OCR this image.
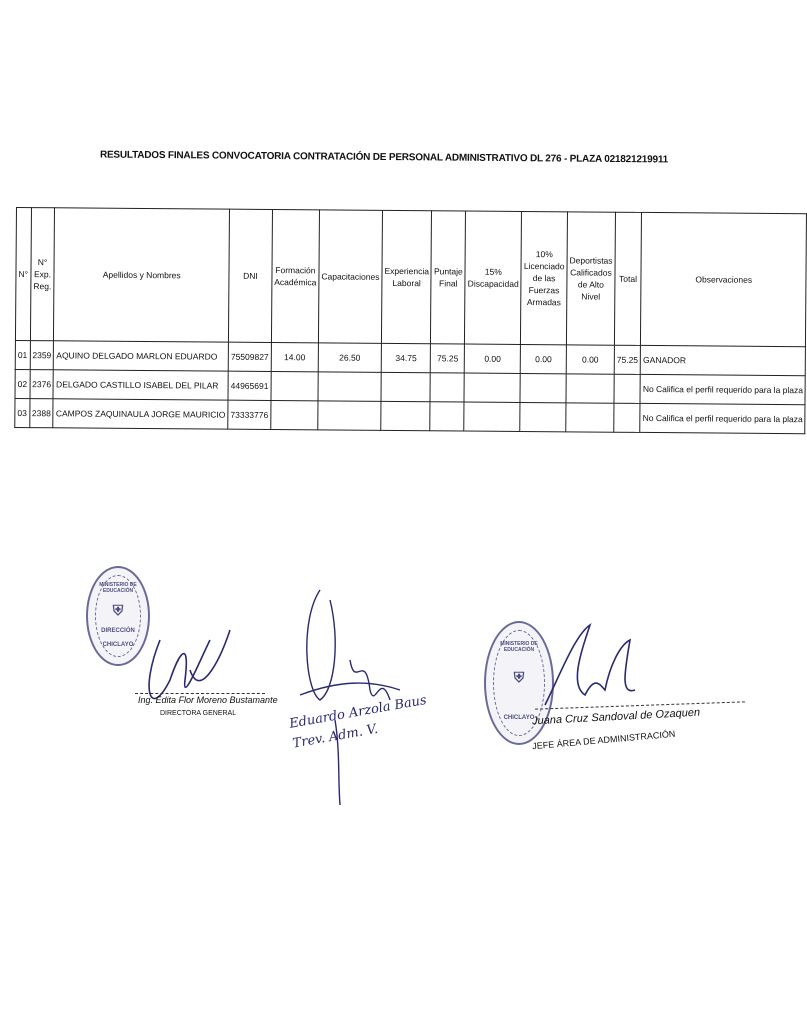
RESULTADOS FINALES CONVOCATORIA CONTRATACIÓN DE PERSONAL ADMINISTRATIVO DL 276 - PLAZA 021821219911
N°	N° Exp. Reg.	Apellidos y Nombres	DNI	Formación Académica	Capacitaciones	Experiencia Laboral	Puntaje Final	15% Discapacidad	10% Licenciado de las Fuerzas Armadas	Deportistas Calificados de Alto Nivel	Total	Observaciones
01	2359	AQUINO DELGADO MARLON EDUARDO	75509827	14.00	26.50	34.75	75.25	0.00	0.00	0.00	75.25	GANADOR
02	2376	DELGADO CASTILLO ISABEL DEL PILAR	44965691									No Califica el perfil requerido para la plaza
03	2388	CAMPOS ZAQUINAULA JORGE MAURICIO	73333776									No Califica el perfil requerido para la plaza
MINISTERIO DE EDUCACIÓN
⛨
DIRECCIÓN
CHICLAYO
Ing. Edita Flor Moreno Bustamante
DIRECTORA GENERAL	Eduardo Arzola Baus Trev. Adm. V.
MINISTERIO DE EDUCACIÓN
⛨
CHICLAYO
Juana Cruz Sandoval de Ozaquen
JEFE ÁREA DE ADMINISTRACIÓN
